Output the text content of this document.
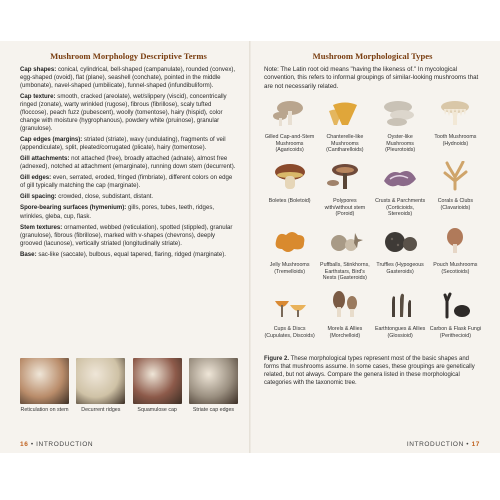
Mushroom Morphology Descriptive Terms

Cap shapes: conical, cylindrical, bell-shaped (campanulate), rounded (convex), egg-shaped (ovoid), flat (plane), seashell (conchate), pointed in the middle (umbonate), navel-shaped (umbilicate), funnel-shaped (infundibuliform).

Cap texture: smooth, cracked (areolate), wet/slippery (viscid), concentrically ringed (zonate), warty wrinkled (rugose), fibrous (fibrillose), scaly tufted (floccose), peach fuzz (pubescent), woolly (tomentose), hairy (hispid), color change with moisture (hygrophanous), powdery white (pruinose), granular (granulose).

Cap edges (margins): striated (striate), wavy (undulating), fragments of veil (appendiculate), split, pleated/corrugated (plicate), hairy (tomentose).

Gill attachments: not attached (free), broadly attached (adnate), almost free (adnexed), notched at attachment (emarginate), running down stem (decurrent).

Gill edges: even, serrated, eroded, fringed (fimbriate), different colors on edge of gill typically matching the cap (marginate).

Gill spacing: crowded, close, subdistant, distant.

Spore-bearing surfaces (hymenium): gills, pores, tubes, teeth, ridges, wrinkles, gleba, cup, flask.

Stem textures: ornamented, webbed (reticulation), spotted (stippled), granular (granulose), fibrous (fibrillose), marked with v-shapes (chevrons), deeply grooved (lacunose), vertically striated (longitudinally striate).

Base: sac-like (saccate), bulbous, equal tapered, flaring, ridged (marginate).

Reticulation on stem	Decurrent ridges	Squamulose cap	Striate cap edges
16 • INTRODUCTION
Mushroom Morphological Types
Note: The Latin root oid means "having the likeness of." In mycological convention, this refers to informal groupings of similar-looking mushrooms that are not necessarily related.
Gilled Cap-and-Stem Mushrooms (Agaricoids)
Chanterelle-like Mushrooms (Cantharelloids)
Oyster-like Mushrooms (Pleurotoids)
Tooth Mushrooms (Hydnoids)
Boletes (Boletoid)	Polypores with/without stem (Poroid)
Crusts & Parchments (Corticioids, Stereoids)
Corals & Clubs (Clavarioids)
Jelly Mushrooms (Tremelloids)
Puffballs, Stinkhorns, Earthstars, Bird's Nests (Gasteroids)
Truffles (Hypogeous Gasteroids)
Pouch Mushrooms (Secotioids)
Cups & Discs (Cupulates, Discoids)
Morels & Allies (Morchelloid)
Earthtongues & Allies (Glossioid)
Carbon & Flask Fungi (Perithecioid)
Figure 2. These morphological types represent most of the basic shapes and forms that mushrooms assume. In some cases, these groupings are genetically related, but not always. Compare the genera listed in these morphological categories with the taxonomic tree.
INTRODUCTION • 17
